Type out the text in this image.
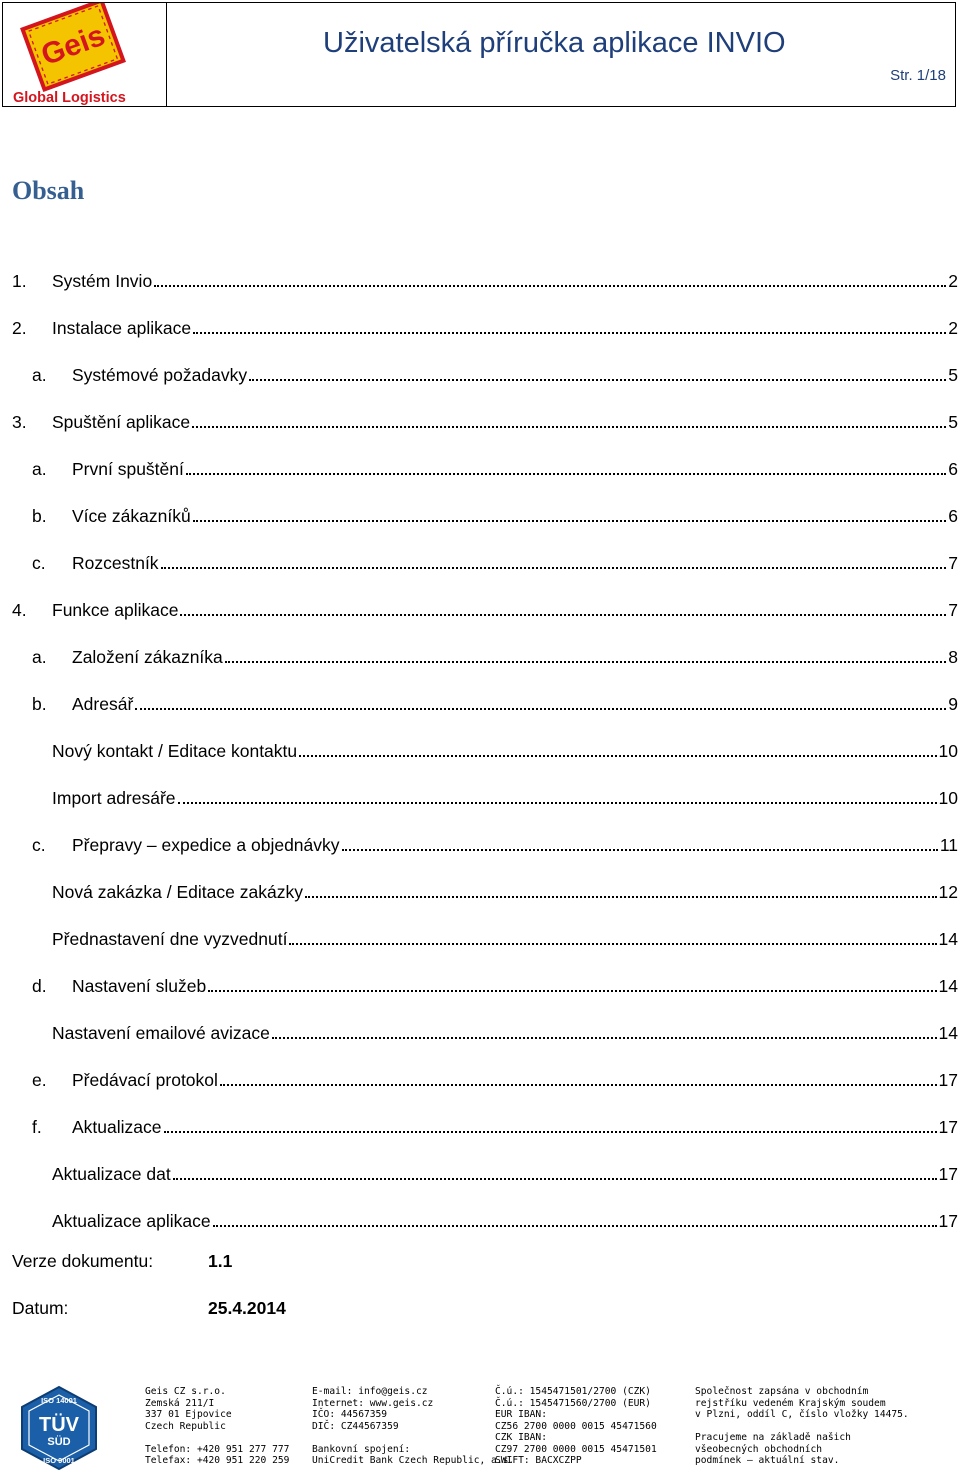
Geis
Global Logistics
Uživatelská příručka aplikace INVIO
Str. 1/18
Obsah
1.	Systém Invio	2
2.	Instalace aplikace	2
a.	Systémové požadavky	5
3.	Spuštění aplikace	5
a.	První spuštění	6
b.	Více zákazníků	6
c.	Rozcestník	7
4.	Funkce aplikace	7
a.	Založení zákazníka	8
b.	Adresář	9
Nový kontakt / Editace kontaktu	10
Import adresáře	10
c.	Přepravy – expedice a objednávky	11
Nová zakázka / Editace zakázky	12
Přednastavení dne vyzvednutí	14
d.	Nastavení služeb	14
Nastavení emailové avizace	14
e.	Předávací protokol	17
f.	Aktualizace	17
Aktualizace dat	17
Aktualizace aplikace	17
Verze dokumentu:	1.1
Datum:	25.4.2014
ISO 14001
TÜV
SÜD
ISO 9001
Geis CZ s.r.o.
Zemská 211/I
337 01 Ejpovice
Czech Republic
Telefon: +420 951 277 777
Telefax: +420 951 220 259
E-mail: info@geis.cz
Internet: www.geis.cz
IČO: 44567359
DIČ: CZ44567359
Bankovní spojení:
UniCredit Bank Czech Republic, a.s.
Č.ú.: 1545471501/2700 (CZK)
Č.ú.: 1545471560/2700 (EUR)
EUR IBAN:
CZ56 2700 0000 0015 45471560
CZK IBAN:
CZ97 2700 0000 0015 45471501
SWIFT: BACXCZPP
Společnost zapsána v obchodním
rejstříku vedeném Krajským soudem
v Plzni, oddíl C, číslo vložky 14475.
Pracujeme na základě našich
všeobecných obchodních
podmínek – aktuální stav.
